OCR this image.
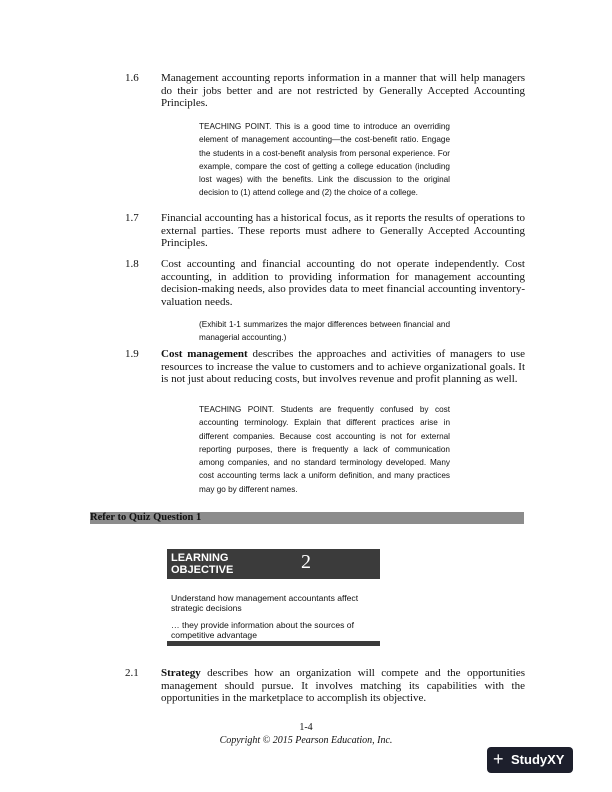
1.6 Management accounting reports information in a manner that will help managers do their jobs better and are not restricted by Generally Accepted Accounting Principles.
TEACHING POINT. This is a good time to introduce an overriding element of management accounting—the cost-benefit ratio. Engage the students in a cost-benefit analysis from personal experience. For example, compare the cost of getting a college education (including lost wages) with the benefits. Link the discussion to the original decision to (1) attend college and (2) the choice of a college.
1.7 Financial accounting has a historical focus, as it reports the results of operations to external parties. These reports must adhere to Generally Accepted Accounting Principles.
1.8 Cost accounting and financial accounting do not operate independently. Cost accounting, in addition to providing information for management accounting decision-making needs, also provides data to meet financial accounting inventory-valuation needs.
(Exhibit 1-1 summarizes the major differences between financial and managerial accounting.)
1.9 Cost management describes the approaches and activities of managers to use resources to increase the value to customers and to achieve organizational goals. It is not just about reducing costs, but involves revenue and profit planning as well.
TEACHING POINT. Students are frequently confused by cost accounting terminology. Explain that different practices arise in different companies. Because cost accounting is not for external reporting purposes, there is frequently a lack of communication among companies, and no standard terminology developed. Many cost accounting terms lack a uniform definition, and many practices may go by different names.
Refer to Quiz Question 1
LEARNING OBJECTIVE	2
Understand how management accountants affect strategic decisions
… they provide information about the sources of competitive advantage
2.1 Strategy describes how an organization will compete and the opportunities management should pursue. It involves matching its capabilities with the opportunities in the marketplace to accomplish its objective.
1-4
Copyright © 2015 Pearson Education, Inc.
+ StudyXY
